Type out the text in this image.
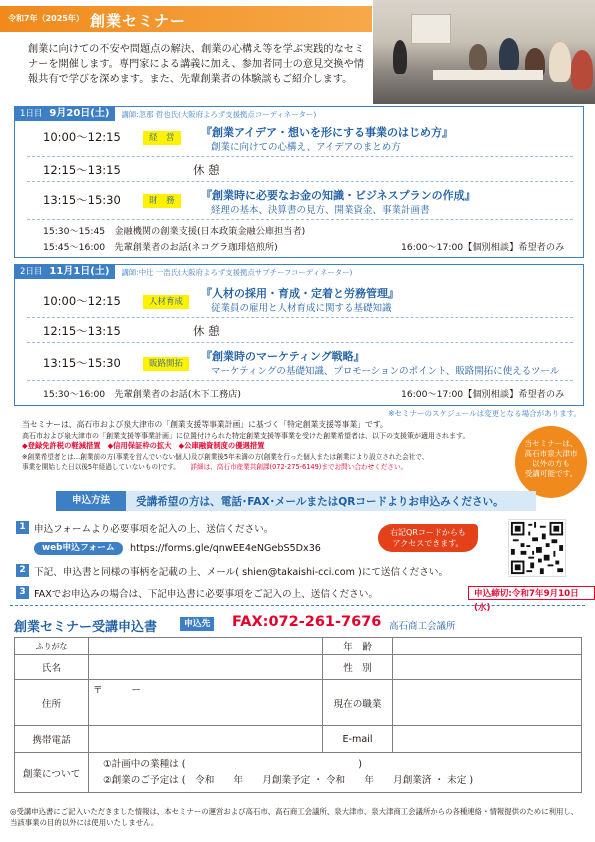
令和7年（2025年） 創業セミナー
創業に向けての不安や問題点の解決、創業の心構え等を学ぶ実践的なセミナーを開催します。専門家による講義に加え、参加者同士の意見交換や情報共有で学びを深めます。また、先輩創業者の体験談もご紹介します。
1日目 9月20日(土)	講師:忽那 哲也氏(大阪府よろず支援拠点コーディネーター)
10:00～12:15	経　営	『創業アイデア・想いを形にする事業のはじめ方』
創業に向けての心構え、アイデアのまとめ方
12:15～13:15	休 憩
13:15～15:30	財　務	『創業時に必要なお金の知識・ビジネスプランの作成』
経理の基本、決算書の見方、開業資金、事業計画書
15:30～15:45　金融機関の創業支援(日本政策金融公庫担当者)
15:45～16:00　先輩創業者のお話(ネコグラ珈琲焙煎所)	16:00～17:00【個別相談】希望者のみ
2日目 11月1日(土)	講師:中辻 一浩氏(大阪府よろず支援拠点サブチーフコーディネーター)
10:00～12:15	人材育成
『人材の採用・育成・定着と労務管理』
従業員の雇用と人材育成に関する基礎知識
12:15～13:15	休 憩
13:15～15:30	販路開拓
『創業時のマーケティング戦略』
マーケティングの基礎知識、プロモーションのポイント、販路開拓に使えるツール
15:30～16:00　先輩創業者のお話(木下工務店)	16:00～17:00【個別相談】希望者のみ
※セミナーのスケジュールは変更となる場合があります。
当セミナーは、高石市および泉大津市の「創業支援等事業計画」に基づく「特定創業支援等事業」です。
高石市および泉大津市の「創業支援等事業計画」に位置付けられた特定創業支援等事業を受けた創業希望者は、以下の支援策が適用されます。
◆登録免許税の軽減措置 ◆信用保証枠の拡大 ◆公庫融資制度の優遇措置
※創業希望者とは…創業前の方(事業を営んでいない個人)及び創業後5年未満の方(創業を行った個人または創業により設立された会社で、
事業を開始した日以後5年経過していないもの)です。 詳細は、高石市産業共創課(072-275-6149)までお問い合わせください。
当セミナーは、
高石市泉大津市
以外の方も
受講可能です。
申込方法	受講希望の方は、電話･FAX･メールまたはQRコードよりお申込みください。
1 申込フォームより必要事項を記入の上、送信ください。
web申込フォーム	https://forms.gle/qnwEE4eNGebS5Dx36
右記QRコードからも
アクセスできます。
2 下記、申込書と同様の事柄を記載の上、メール( shien@takaishi-cci.com )にて送信ください。
3 FAXでお申込みの場合は、下記申込書に必要事項をご記入の上、送信ください。	申込締切:令和7年9月10日(水)
創業セミナー受講申込書	申込先 FAX:072-261-7676 高石商工会議所
ふりがな		年　齢	
氏名		性　別	
住所	〒　　　ー	現在の職業	
携帯電話		E-mail	
創業について	①計画中の業種は (　　　　　　　　　　　　　　　　　　)
②創業のご予定は (　令和　　年　　月創業予定 ・ 令和　　年　　月創業済 ・ 未定 )		
◎受講申込書にご記入いただきました情報は、本セミナーの運営および高石市、高石商工会議所、泉大津市、泉大津商工会議所からの各種連絡・情報提供のために利用し、当該事業の目的以外には使用いたしません。
